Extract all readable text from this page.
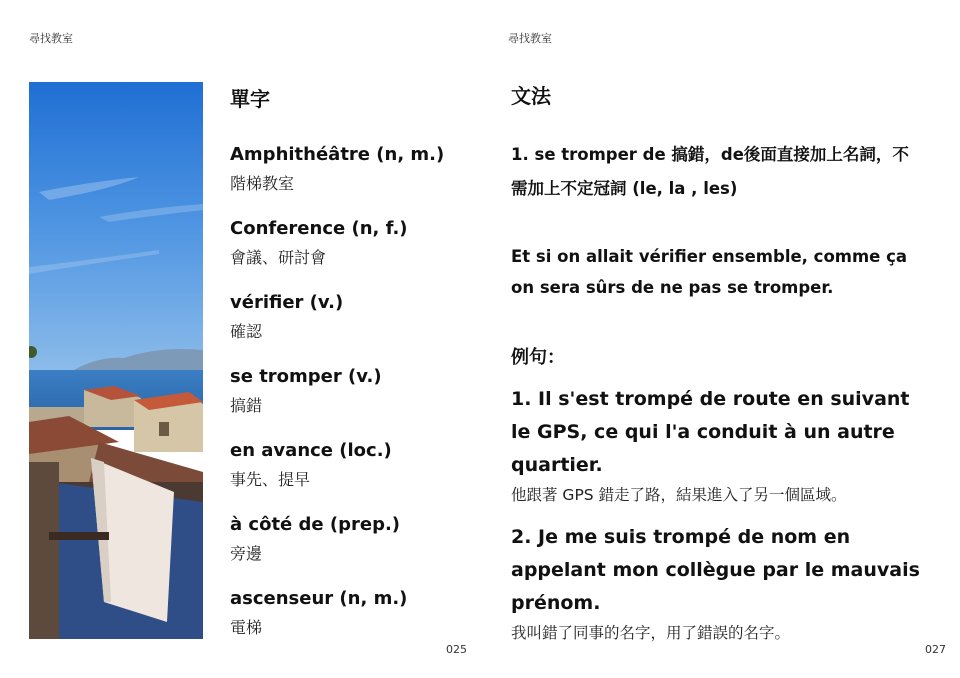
尋找教室	尋找教室
單字
Amphithéâtre (n, m.)
階梯教室
Conference (n, f.)
會議、研討會
vérifier (v.)
確認
se tromper (v.)
搞錯
en avance (loc.)
事先、提早
à côté de (prep.)
旁邊
ascenseur (n, m.)
電梯
025
文法
1. se tromper de 搞錯，de後面直接加上名詞，不需加上不定冠詞 (le, la , les)
Et si on allait vérifier ensemble, comme ça on sera sûrs de ne pas se tromper.
例句：
1. Il s'est trompé de route en suivant le GPS, ce qui l'a conduit à un autre quartier.
他跟著 GPS 錯走了路，結果進入了另一個區域。
2. Je me suis trompé de nom en appelant mon collègue par le mauvais prénom.
我叫錯了同事的名字，用了錯誤的名字。
027
